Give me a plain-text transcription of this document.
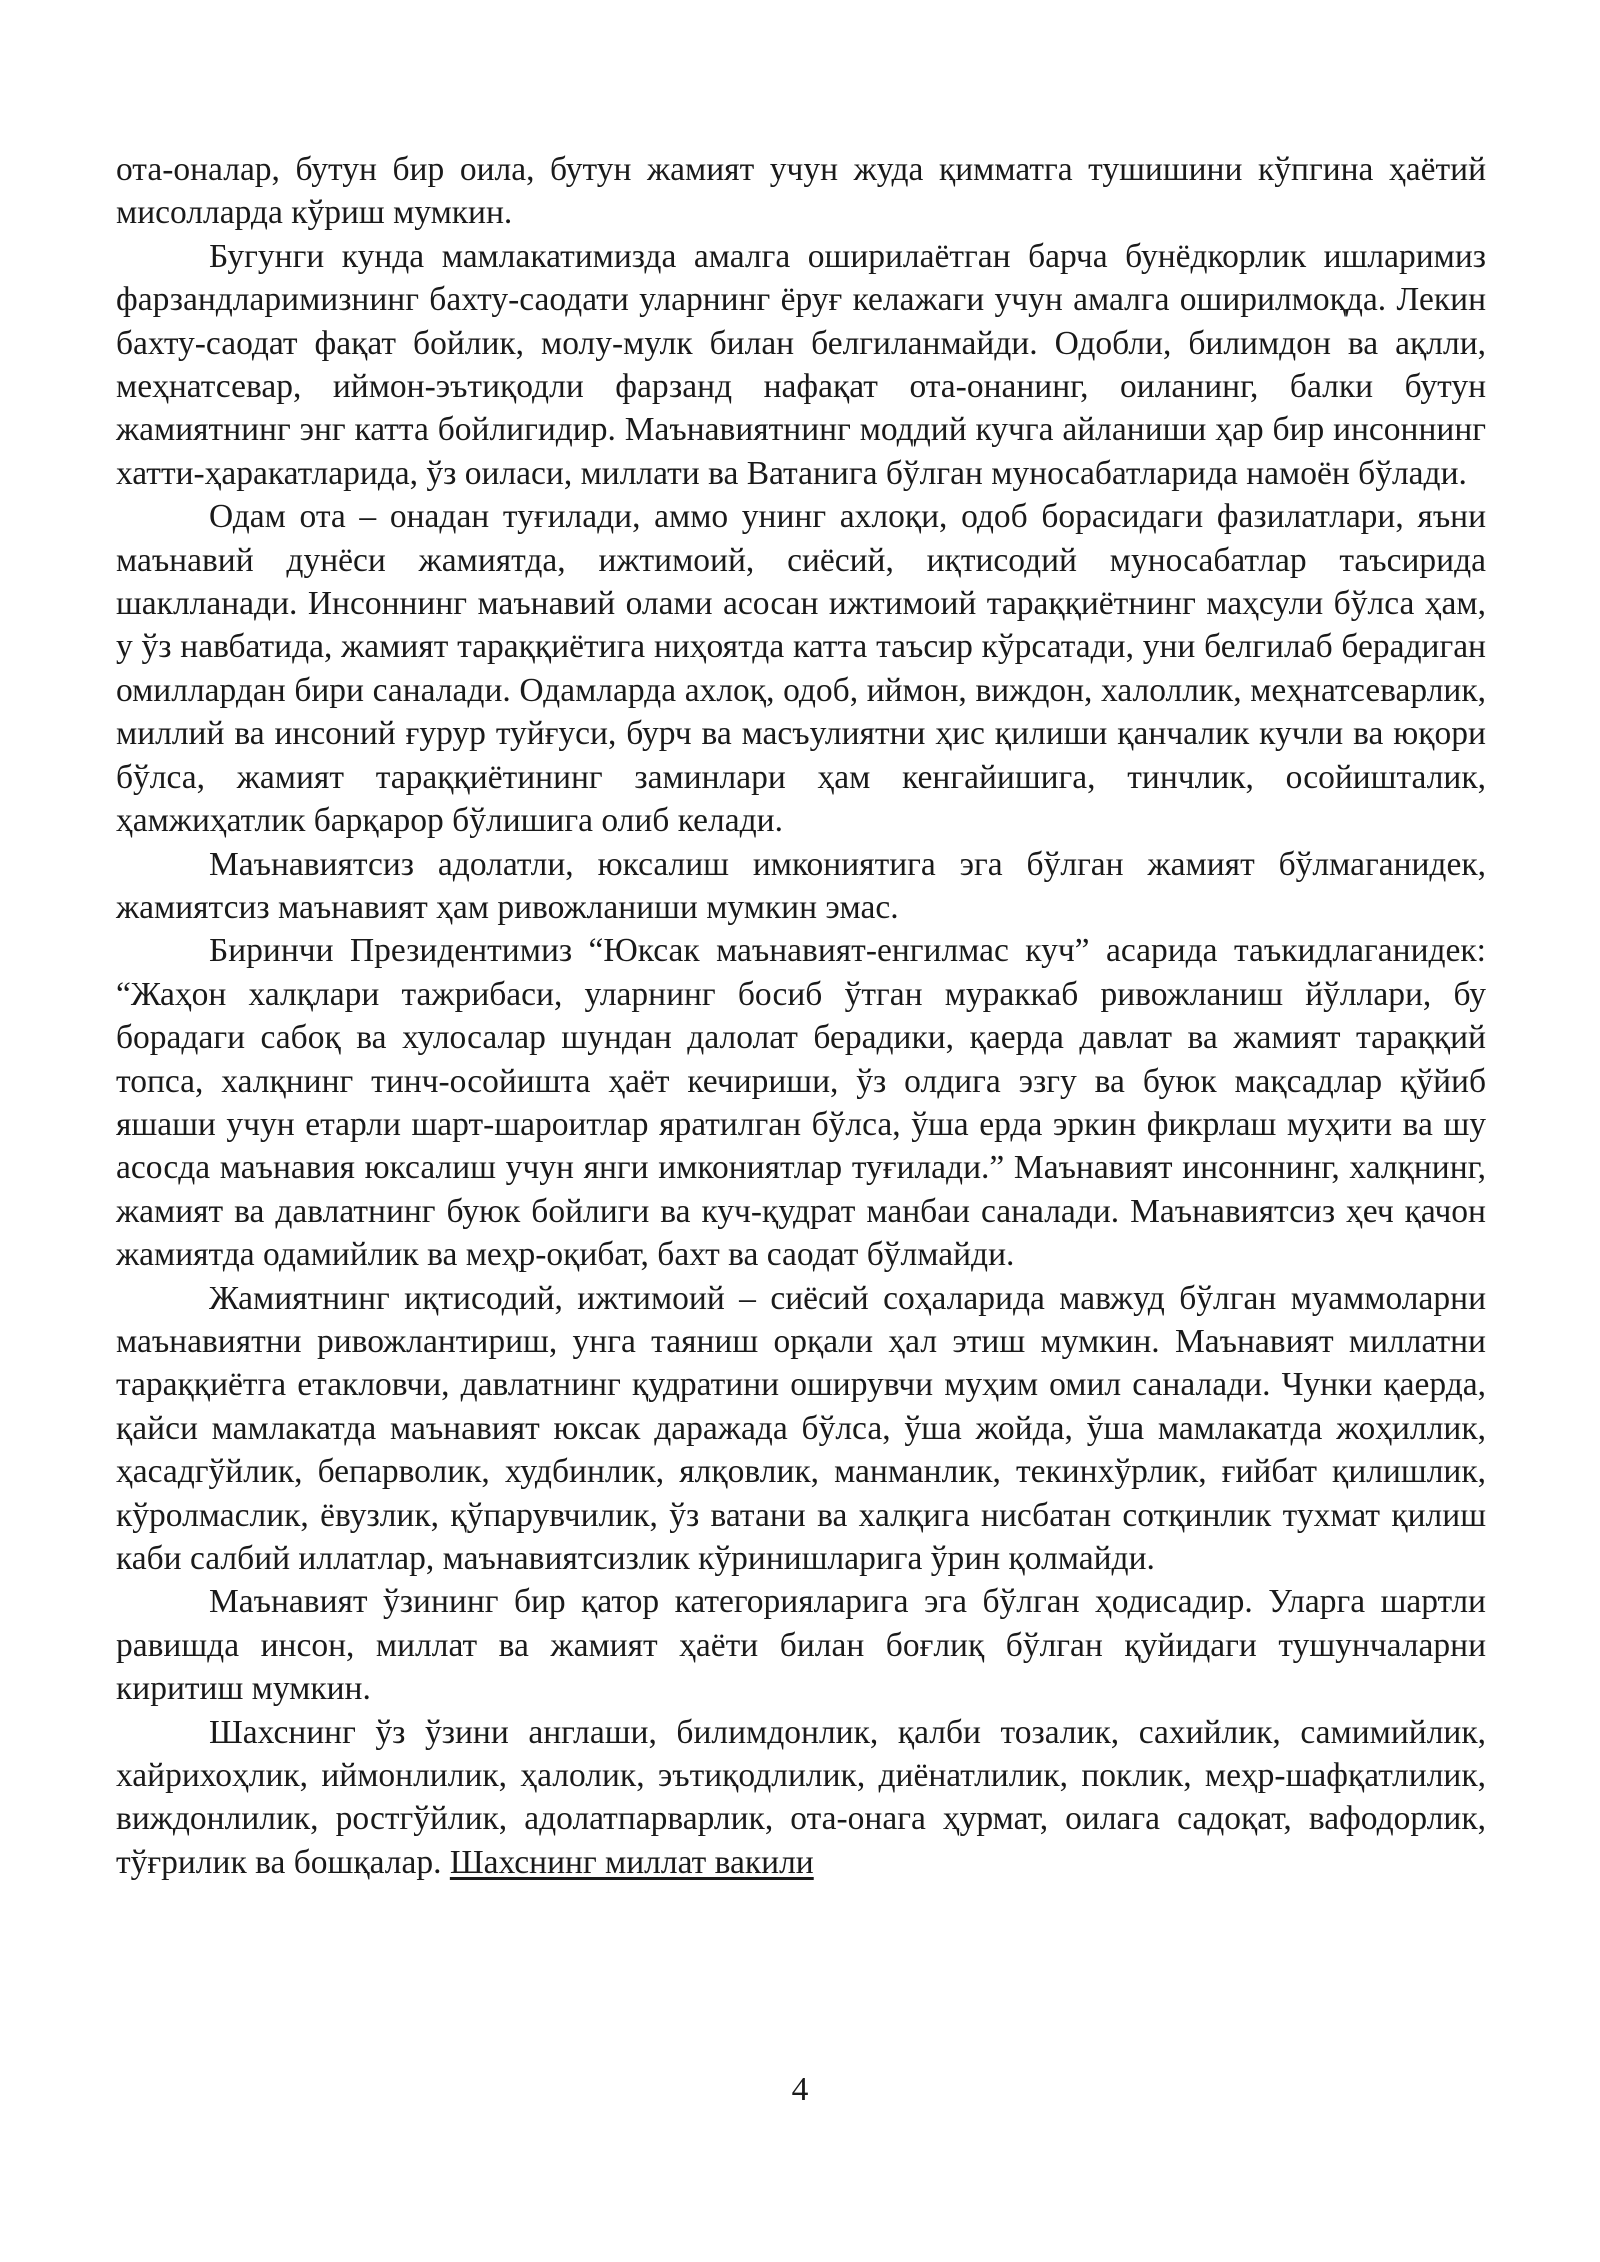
ота-оналар, бутун бир оила, бутун жамият учун жуда қимматга тушишини кўпгина ҳаётий мисолларда кўриш мумкин.

Бугунги кунда мамлакатимизда амалга оширилаётган барча бунёдкорлик ишларимиз фарзандларимизнинг бахту-саодати уларнинг ёруғ келажаги учун амалга оширилмоқда. Лекин бахту-саодат фақат бойлик, молу-мулк билан белгиланмайди. Одобли, билимдон ва ақлли, меҳнатсевар, иймон-эътиқодли фарзанд нафақат ота-онанинг, оиланинг, балки бутун жамиятнинг энг катта бойлигидир. Маънавиятнинг моддий кучга айланиши ҳар бир инсоннинг хатти-ҳаракатларида, ўз оиласи, миллати ва Ватанига бўлган муносабатларида намоён бўлади.

Одам ота – онадан туғилади, аммо унинг ахлоқи, одоб борасидаги фазилатлари, яъни маънавий дунёси жамиятда, ижтимоий, сиёсий, иқтисодий муносабатлар таъсирида шаклланади. Инсоннинг маънавий олами асосан ижтимоий тараққиётнинг маҳсули бўлса ҳам, у ўз навбатида, жамият тараққиётига ниҳоятда катта таъсир кўрсатади, уни белгилаб берадиган омиллардан бири саналади. Одамларда ахлоқ, одоб, иймон, виждон, халоллик, меҳнатсеварлик, миллий ва инсоний ғурур туйғуси, бурч ва масъулиятни ҳис қилиши қанчалик кучли ва юқори бўлса, жамият тараққиётининг заминлари ҳам кенгайишига, тинчлик, осойишталик, ҳамжиҳатлик барқарор бўлишига олиб келади.

Маънавиятсиз адолатли, юксалиш имкониятига эга бўлган жамият бўлмаганидек, жамиятсиз маънавият ҳам ривожланиши мумкин эмас.

Биринчи Президентимиз “Юксак маънавият-енгилмас куч” асарида таъкидлаганидек: “Жаҳон халқлари тажрибаси, уларнинг босиб ўтган мураккаб ривожланиш йўллари, бу борадаги сабоқ ва хулосалар шундан далолат берадики, қаерда давлат ва жамият тараққий топса, халқнинг тинч-осойишта ҳаёт кечириши, ўз олдига эзгу ва буюк мақсадлар қўйиб яшаши учун етарли шарт-шароитлар яратилган бўлса, ўша ерда эркин фикрлаш муҳити ва шу асосда маънавия юксалиш учун янги имкониятлар туғилади.” Маънавият инсоннинг, халқнинг, жамият ва давлатнинг буюк бойлиги ва куч-қудрат манбаи саналади. Маънавиятсиз ҳеч қачон жамиятда одамийлик ва меҳр-оқибат, бахт ва саодат бўлмайди.

Жамиятнинг иқтисодий, ижтимоий – сиёсий соҳаларида мавжуд бўлган муаммоларни маънавиятни ривожлантириш, унга таяниш орқали ҳал этиш мумкин. Маънавият миллатни тараққиётга етакловчи, давлатнинг қудратини оширувчи муҳим омил саналади. Чунки қаерда, қайси мамлакатда маънавият юксак даражада бўлса, ўша жойда, ўша мамлакатда жоҳиллик, ҳасадгўйлик, бепарволик, худбинлик, ялқовлик, манманлик, текинхўрлик, ғийбат қилишлик, кўролмаслик, ёвузлик, қўпарувчилик, ўз ватани ва халқига нисбатан сотқинлик тухмат қилиш каби салбий иллатлар, маънавиятсизлик кўринишларига ўрин қолмайди.

Маънавият ўзининг бир қатор категорияларига эга бўлган ҳодисадир. Уларга шартли равишда инсон, миллат ва жамият ҳаёти билан боғлиқ бўлган қуйидаги тушунчаларни киритиш мумкин.

Шахснинг ўз ўзини англаши, билимдонлик, қалби тозалик, сахийлик, самимийлик, хайрихоҳлик, иймонлилик, ҳалолик, эътиқодлилик, диёнатлилик, поклик, меҳр-шафқатлилик, виждонлилик, ростгўйлик, адолатпарварлик, ота-онага ҳурмат, оилага садоқат, вафодорлик, тўғрилик ва бошқалар. Шахснинг миллат вакили

4
